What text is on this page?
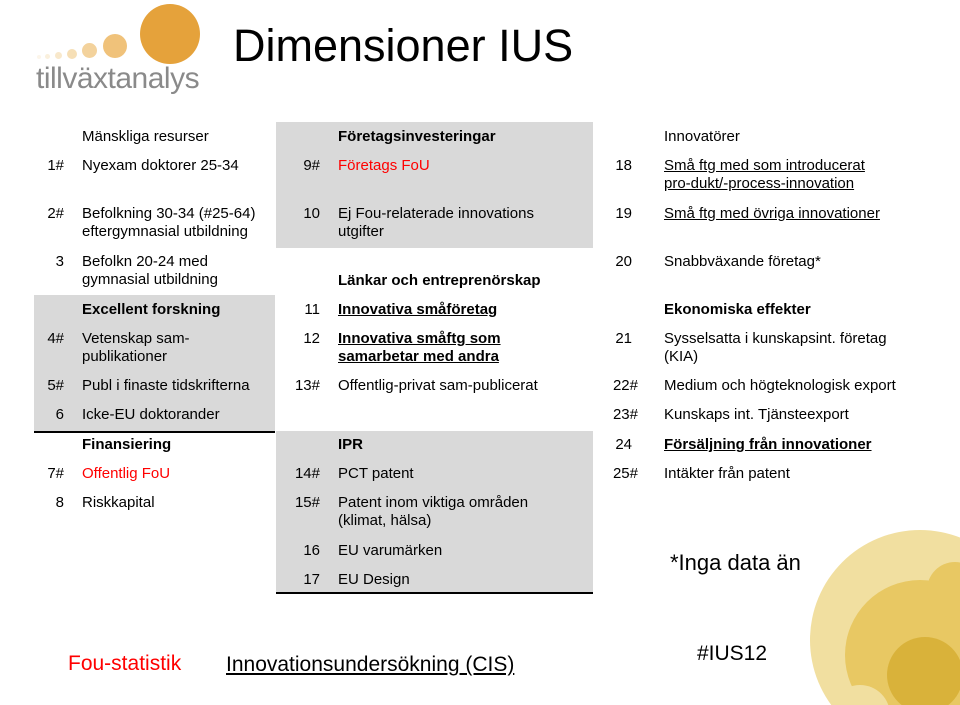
tillväxtanalys
Dimensioner IUS
Mänskliga resurser
1# Nyexam doktorer 25-34
2# Befolkning 30-34 (#25-64) eftergymnasial utbildning
3 Befolkn 20-24 med gymnasial utbildning
Excellent forskning
4# Vetenskap sam-publikationer
5# Publ i finaste tidskrifterna
6 Icke-EU doktorander
Finansiering
7# Offentlig FoU
8 Riskkapital
Företagsinvesteringar
9# Företags FoU
10 Ej Fou-relaterade innovations utgifter
Länkar och entreprenörskap
11 Innovativa småföretag
12 Innovativa småftg som samarbetar med andra
13# Offentlig-privat sam-publicerat
IPR
14# PCT patent
15# Patent inom viktiga områden (klimat, hälsa)
16 EU varumärken
17 EU Design
Innovatörer
18 Små ftg med som introducerat pro-dukt/-process-innovation
19 Små ftg med övriga innovationer
20 Snabbväxande företag*
Ekonomiska effekter
21 Sysselsatta i kunskapsint. företag (KIA)
22# Medium och högteknologisk export
23# Kunskaps int. Tjänsteexport
24 Försäljning från innovationer
25# Intäkter från patent
*Inga data än
Fou-statistik Innovationsundersökning (CIS)	#IUS12
